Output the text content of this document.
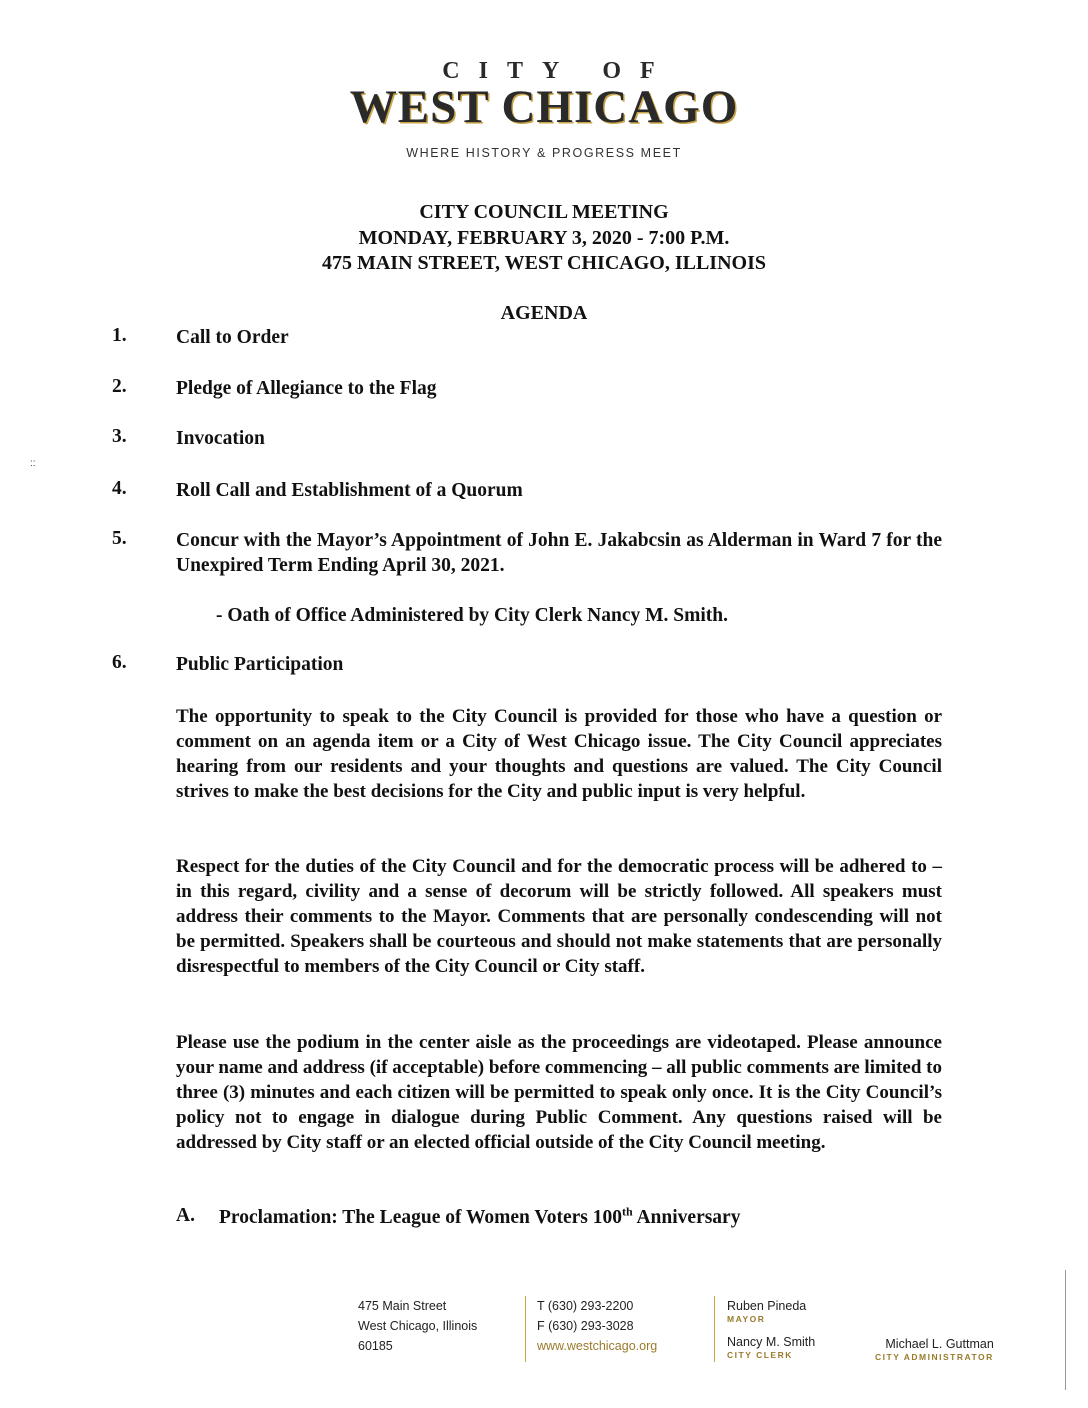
CITY OF
WEST CHICAGO
WHERE HISTORY & PROGRESS MEET
CITY COUNCIL MEETING
MONDAY, FEBRUARY 3, 2020 - 7:00 P.M.
475 MAIN STREET, WEST CHICAGO, ILLINOIS
AGENDA
1.	Call to Order
2.	Pledge of Allegiance to the Flag
3.	Invocation
4.	Roll Call and Establishment of a Quorum
5.	Concur with the Mayor’s Appointment of John E. Jakabcsin as Alderman in Ward 7 for the Unexpired Term Ending April 30, 2021.
- Oath of Office Administered by City Clerk Nancy M. Smith.
6.	Public Participation
The opportunity to speak to the City Council is provided for those who have a question or comment on an agenda item or a City of West Chicago issue. The City Council appreciates hearing from our residents and your thoughts and questions are valued. The City Council strives to make the best decisions for the City and public input is very helpful.
Respect for the duties of the City Council and for the democratic process will be adhered to – in this regard, civility and a sense of decorum will be strictly followed. All speakers must address their comments to the Mayor. Comments that are personally condescending will not be permitted. Speakers shall be courteous and should not make statements that are personally disrespectful to members of the City Council or City staff.
Please use the podium in the center aisle as the proceedings are videotaped. Please announce your name and address (if acceptable) before commencing – all public comments are limited to three (3) minutes and each citizen will be permitted to speak only once. It is the City Council’s policy not to engage in dialogue during Public Comment. Any questions raised will be addressed by City staff or an elected official outside of the City Council meeting.
A. Proclamation: The League of Women Voters 100th Anniversary
475 Main Street
West Chicago, Illinois
60185
T (630) 293-2200
F (630) 293-3028
www.westchicago.org
Ruben Pineda
MAYOR
Nancy M. Smith
CITY CLERK
Michael L. Guttman
CITY ADMINISTRATOR
::
